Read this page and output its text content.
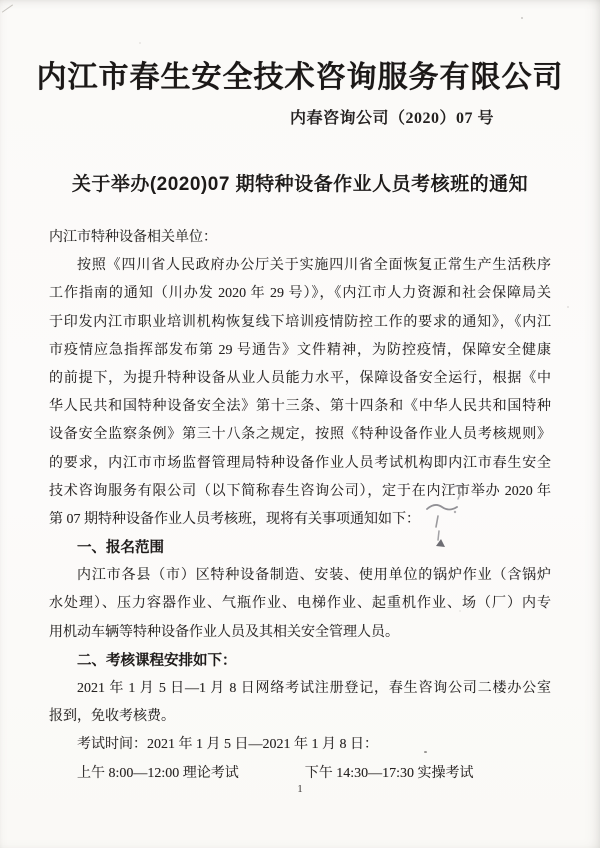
内江市春生安全技术咨询服务有限公司
内春咨询公司（2020）07 号
关于举办(2020)07 期特种设备作业人员考核班的通知
内江市特种设备相关单位：
按照《四川省人民政府办公厅关于实施四川省全面恢复正常生产生活秩序
工作指南的通知（川办发 2020 年 29 号）》，《内江市人力资源和社会保障局关
于印发内江市职业培训机构恢复线下培训疫情防控工作的要求的通知》，《内江
市疫情应急指挥部发布第 29 号通告》文件精神，为防控疫情，保障安全健康
的前提下，为提升特种设备从业人员能力水平，保障设备安全运行，根据《中
华人民共和国特种设备安全法》第十三条、第十四条和《中华人民共和国特种
设备安全监察条例》第三十八条之规定，按照《特种设备作业人员考核规则》
的要求，内江市市场监督管理局特种设备作业人员考试机构即内江市春生安全
技术咨询服务有限公司（以下简称春生咨询公司），定于在内江市举办 2020 年
第 07 期特种设备作业人员考核班，现将有关事项通知如下：
一、报名范围
内江市各县（市）区特种设备制造、安装、使用单位的锅炉作业（含锅炉
水处理）、压力容器作业、气瓶作业、电梯作业、起重机作业、场（厂）内专
用机动车辆等特种设备作业人员及其相关安全管理人员。
二、考核课程安排如下：
2021 年 1 月 5 日—1 月 8 日网络考试注册登记，春生咨询公司二楼办公室
报到，免收考核费。
考试时间：2021 年 1 月 5 日—2021 年 1 月 8 日：
上午 8:00—12:00 理论考试	下午 14:30—17:30 实操考试
1
